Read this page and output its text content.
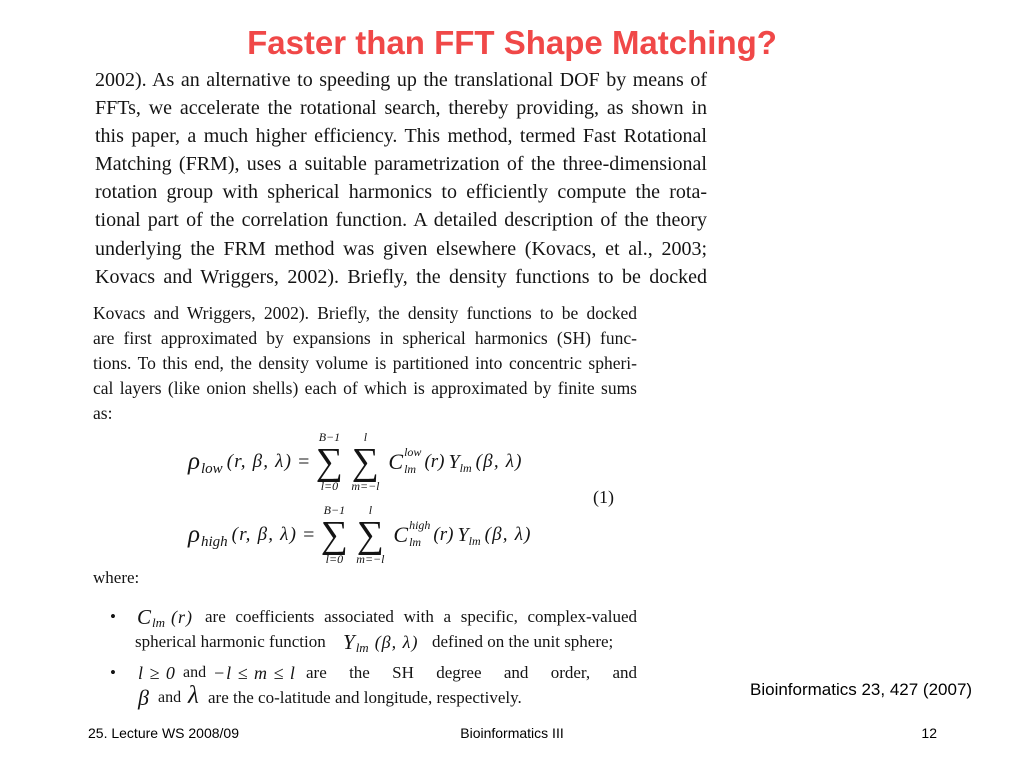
Faster than FFT Shape Matching?
2002). As an alternative to speeding up the translational DOF by means of
FFTs, we accelerate the rotational search, thereby providing, as shown in
this paper, a much higher efficiency. This method, termed Fast Rotational
Matching (FRM), uses a suitable parametrization of the three-dimensional
rotation group with spherical harmonics to efficiently compute the rota-
tional part of the correlation function. A detailed description of the theory
underlying the FRM method was given elsewhere (Kovacs, et al., 2003;
Kovacs and Wriggers, 2002). Briefly, the density functions to be docked
Kovacs and Wriggers, 2002). Briefly, the density functions to be docked
are first approximated by expansions in spherical harmonics (SH) func-
tions. To this end, the density volume is partitioned into concentric spheri-
cal layers (like onion shells) each of which is approximated by finite sums
as:
ρ low (r, β, λ) =
B−1
∑
l=0
l
∑
m=−l
C low
lm (r) Y lm (β, λ)
ρ high (r, β, λ) =
B−1
∑
l=0
l
∑
m=−l
C high
lm (r) Y lm (β, λ)
(1)
where:
• C lm (r) are coefficients associated with a specific, complex-valued
spherical harmonic function Y lm (β, λ) defined on the unit sphere;
• l ≥ 0 and −l ≤ m ≤ l are the SH degree and order, and
β and λ are the co-latitude and longitude, respectively.	Bioinformatics 23, 427 (2007)
25. Lecture WS 2008/09	Bioinformatics III	12
